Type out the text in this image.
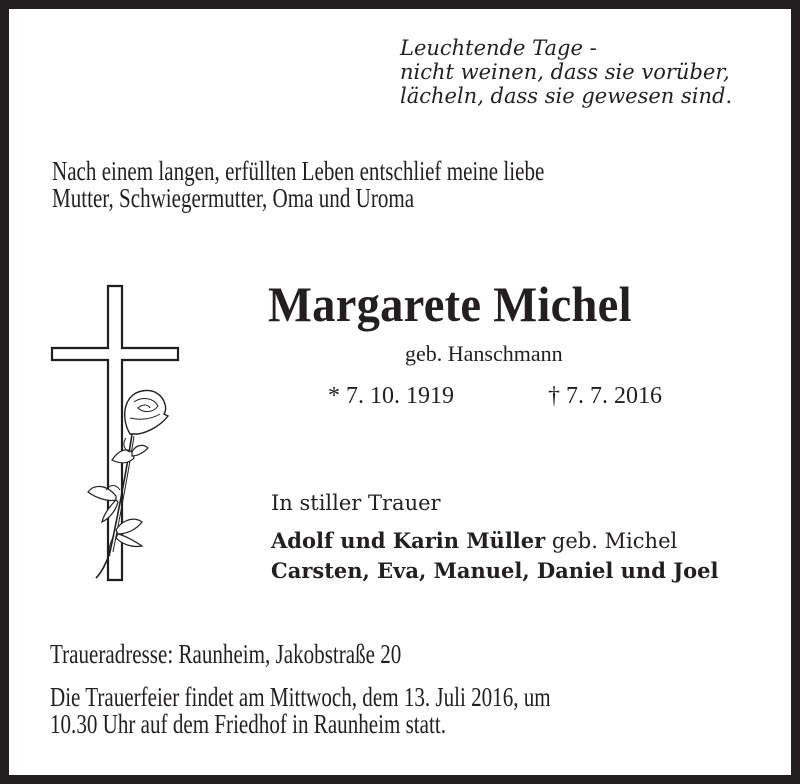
Leuchtende Tage -
nicht weinen, dass sie vorüber,
lächeln, dass sie gewesen sind.
Nach einem langen, erfüllten Leben entschlief meine liebe
Mutter, Schwiegermutter, Oma und Uroma
Margarete Michel
geb. Hanschmann
* 7. 10. 1919	† 7. 7. 2016
In stiller Trauer
Adolf und Karin Müller geb. Michel
Carsten, Eva, Manuel, Daniel und Joel
Traueradresse: Raunheim, Jakobstraße 20
Die Trauerfeier findet am Mittwoch, dem 13. Juli 2016, um
10.30 Uhr auf dem Friedhof in Raunheim statt.
